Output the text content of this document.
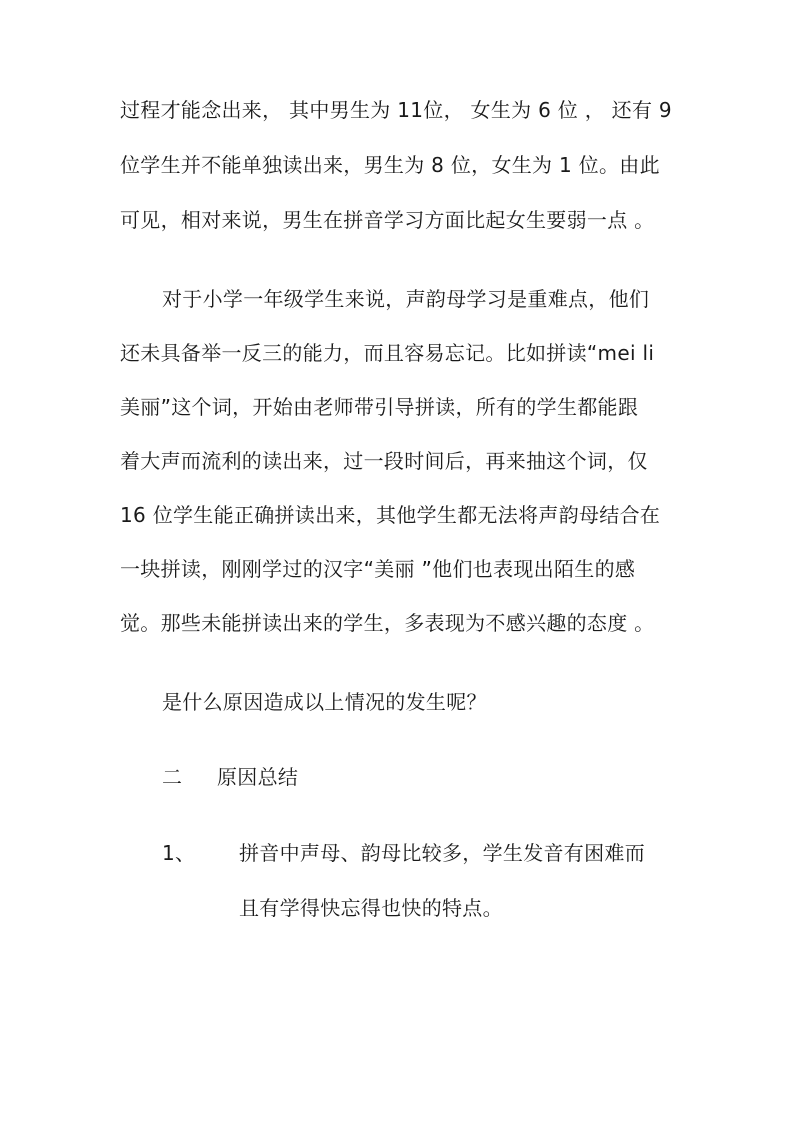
过程才能念出来， 其中男生为 11位， 女生为 6 位 ， 还有 9
位学生并不能单独读出来，男生为 8 位，女生为 1 位。由此
可见，相对来说，男生在拼音学习方面比起女生要弱一点 。
对于小学一年级学生来说，声韵母学习是重难点，他们
还未具备举一反三的能力，而且容易忘记。比如拼读“mei li
美丽”这个词，开始由老师带引导拼读，所有的学生都能跟
着大声而流利的读出来，过一段时间后，再来抽这个词，仅
16 位学生能正确拼读出来，其他学生都无法将声韵母结合在
一块拼读，刚刚学过的汉字“美丽 ”他们也表现出陌生的感
觉。那些未能拼读出来的学生，多表现为不感兴趣的态度 。
是什么原因造成以上情况的发生呢？
二 原因总结
1、 拼音中声母、韵母比较多，学生发音有困难而
且有学得快忘得也快的特点。
